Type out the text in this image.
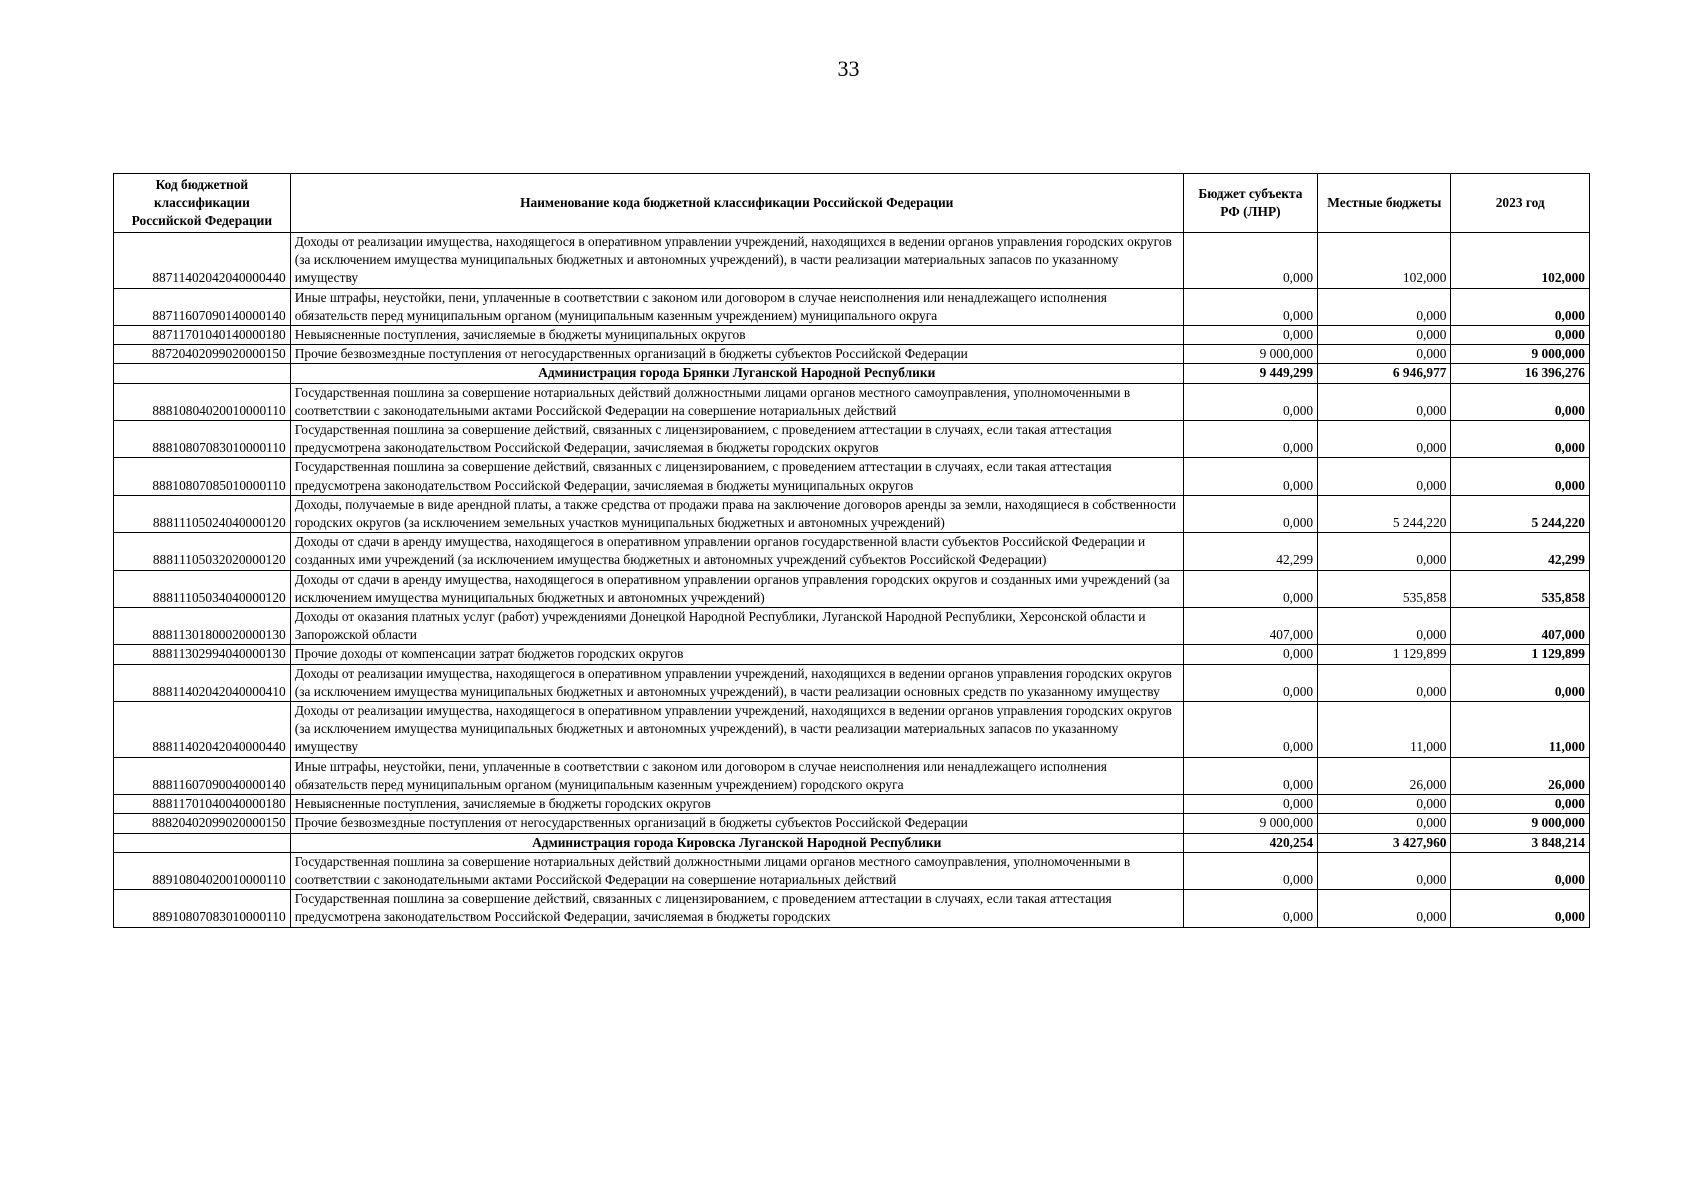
33
Код бюджетной классификации Российской Федерации	Наименование кода бюджетной классификации Российской Федерации	Бюджет субъекта РФ (ЛНР)	Местные бюджеты	2023 год
88711402042040000440	Доходы от реализации имущества, находящегося в оперативном управлении учреждений, находящихся в ведении органов управления городских округов (за исключением имущества муниципальных бюджетных и автономных учреждений), в части реализации материальных запасов по указанному имуществу	0,000	102,000	102,000
88711607090140000140	Иные штрафы, неустойки, пени, уплаченные в соответствии с законом или договором в случае неисполнения или ненадлежащего исполнения обязательств перед муниципальным органом (муниципальным казенным учреждением) муниципального округа	0,000	0,000	0,000
88711701040140000180	Невыясненные поступления, зачисляемые в бюджеты муниципальных округов	0,000	0,000	0,000
88720402099020000150	Прочие безвозмездные поступления от негосударственных организаций в бюджеты субъектов Российской Федерации	9 000,000	0,000	9 000,000
	Администрация города Брянки Луганской Народной Республики	9 449,299	6 946,977	16 396,276
88810804020010000110	Государственная пошлина за совершение нотариальных действий должностными лицами органов местного самоуправления, уполномоченными в соответствии с законодательными актами Российской Федерации на совершение нотариальных действий	0,000	0,000	0,000
88810807083010000110	Государственная пошлина за совершение действий, связанных с лицензированием, с проведением аттестации в случаях, если такая аттестация предусмотрена законодательством Российской Федерации, зачисляемая в бюджеты городских округов	0,000	0,000	0,000
88810807085010000110	Государственная пошлина за совершение действий, связанных с лицензированием, с проведением аттестации в случаях, если такая аттестация предусмотрена законодательством Российской Федерации, зачисляемая в бюджеты муниципальных округов	0,000	0,000	0,000
88811105024040000120	Доходы, получаемые в виде арендной платы, а также средства от продажи права на заключение договоров аренды за земли, находящиеся в собственности городских округов (за исключением земельных участков муниципальных бюджетных и автономных учреждений)	0,000	5 244,220	5 244,220
88811105032020000120	Доходы от сдачи в аренду имущества, находящегося в оперативном управлении органов государственной власти субъектов Российской Федерации и созданных ими учреждений (за исключением имущества бюджетных и автономных учреждений субъектов Российской Федерации)	42,299	0,000	42,299
88811105034040000120	Доходы от сдачи в аренду имущества, находящегося в оперативном управлении органов управления городских округов и созданных ими учреждений (за исключением имущества муниципальных бюджетных и автономных учреждений)	0,000	535,858	535,858
88811301800020000130	Доходы от оказания платных услуг (работ) учреждениями Донецкой Народной Республики, Луганской Народной Республики, Херсонской области и Запорожской области	407,000	0,000	407,000
88811302994040000130	Прочие доходы от компенсации затрат бюджетов городских округов	0,000	1 129,899	1 129,899
88811402042040000410	Доходы от реализации имущества, находящегося в оперативном управлении учреждений, находящихся в ведении органов управления городских округов (за исключением имущества муниципальных бюджетных и автономных учреждений), в части реализации основных средств по указанному имуществу	0,000	0,000	0,000
88811402042040000440	Доходы от реализации имущества, находящегося в оперативном управлении учреждений, находящихся в ведении органов управления городских округов (за исключением имущества муниципальных бюджетных и автономных учреждений), в части реализации материальных запасов по указанному имуществу	0,000	11,000	11,000
88811607090040000140	Иные штрафы, неустойки, пени, уплаченные в соответствии с законом или договором в случае неисполнения или ненадлежащего исполнения обязательств перед муниципальным органом (муниципальным казенным учреждением) городского округа	0,000	26,000	26,000
88811701040040000180	Невыясненные поступления, зачисляемые в бюджеты городских округов	0,000	0,000	0,000
88820402099020000150	Прочие безвозмездные поступления от негосударственных организаций в бюджеты субъектов Российской Федерации	9 000,000	0,000	9 000,000
	Администрация города Кировска Луганской Народной Республики	420,254	3 427,960	3 848,214
88910804020010000110	Государственная пошлина за совершение нотариальных действий должностными лицами органов местного самоуправления, уполномоченными в соответствии с законодательными актами Российской Федерации на совершение нотариальных действий	0,000	0,000	0,000
88910807083010000110	Государственная пошлина за совершение действий, связанных с лицензированием, с проведением аттестации в случаях, если такая аттестация предусмотрена законодательством Российской Федерации, зачисляемая в бюджеты городских	0,000	0,000	0,000
